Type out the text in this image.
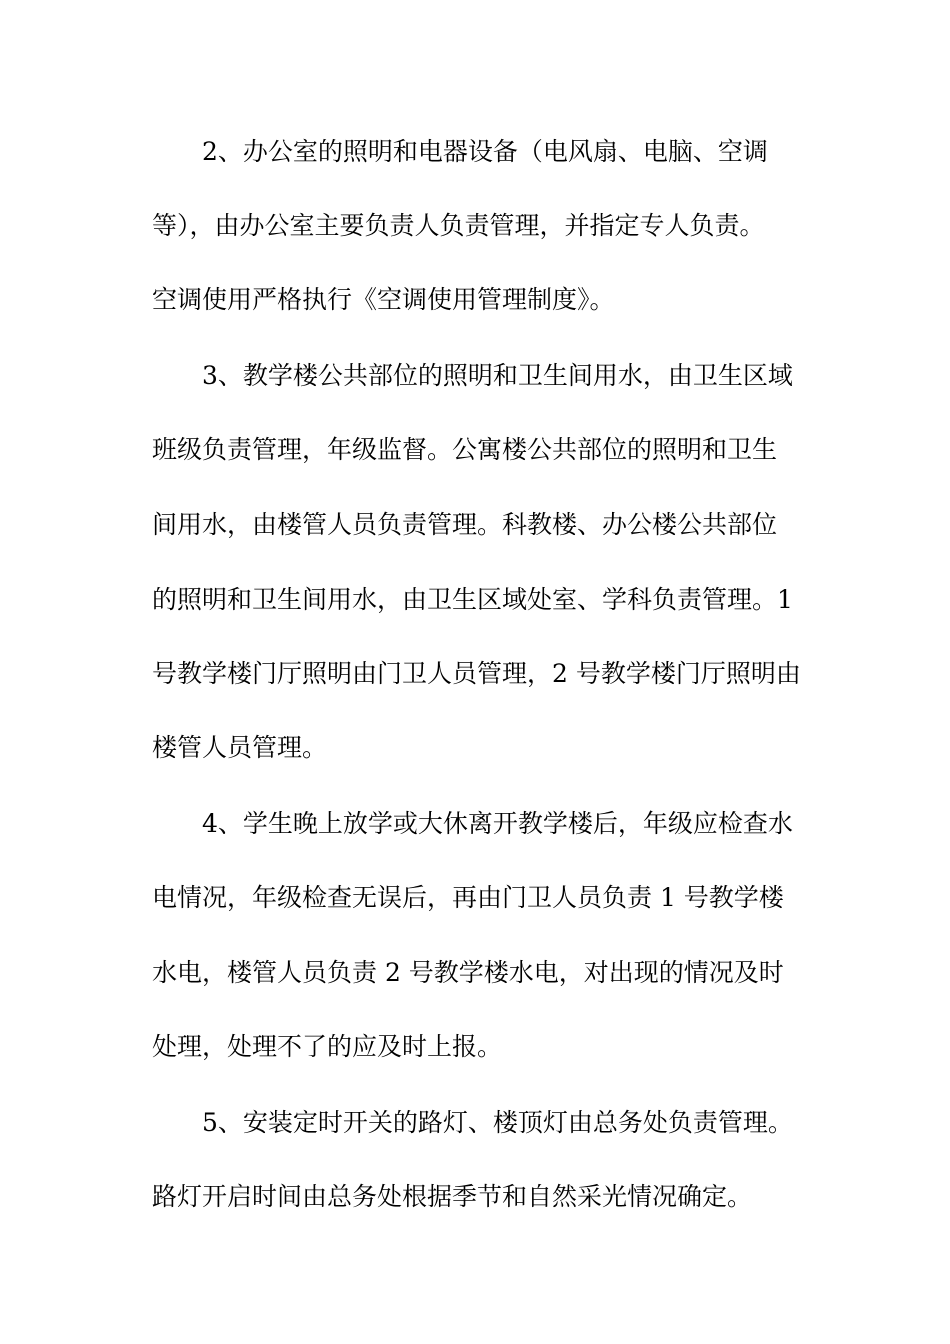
2、办公室的照明和电器设备（电风扇、电脑、空调
等），由办公室主要负责人负责管理，并指定专人负责。
空调使用严格执行《空调使用管理制度》。
3、教学楼公共部位的照明和卫生间用水，由卫生区域
班级负责管理，年级监督。公寓楼公共部位的照明和卫生
间用水，由楼管人员负责管理。科教楼、办公楼公共部位
的照明和卫生间用水，由卫生区域处室、学科负责管理。1
号教学楼门厅照明由门卫人员管理，2 号教学楼门厅照明由
楼管人员管理。
4、学生晚上放学或大休离开教学楼后，年级应检查水
电情况，年级检查无误后，再由门卫人员负责 1 号教学楼
水电，楼管人员负责 2 号教学楼水电，对出现的情况及时
处理，处理不了的应及时上报。
5、安装定时开关的路灯、楼顶灯由总务处负责管理。
路灯开启时间由总务处根据季节和自然采光情况确定。
